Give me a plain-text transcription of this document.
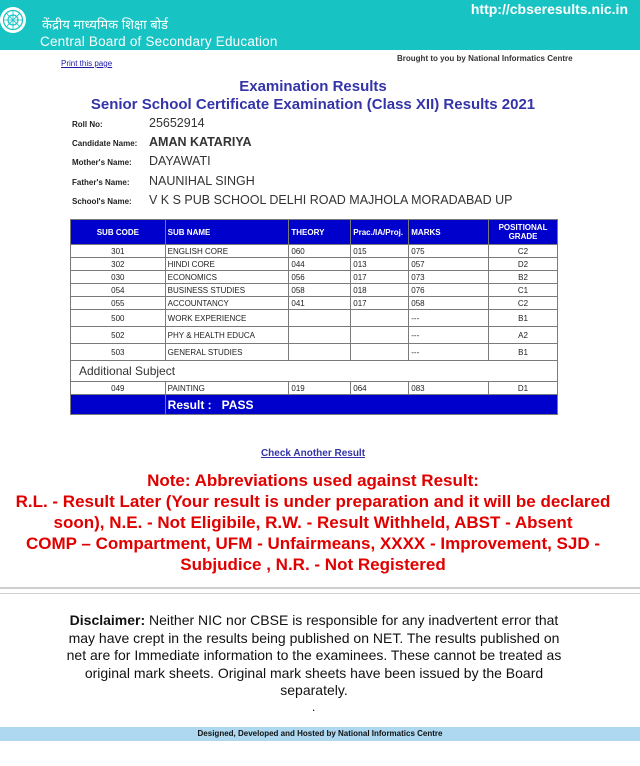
केंद्रीय माध्यमिक शिक्षा बोर्ड
Central Board of Secondary Education
http://cbseresults.nic.in
Print this page
Brought to you by National Informatics Centre
Examination Results
Senior School Certificate Examination (Class XII) Results 2021
Roll No:	25652914
Candidate Name: AMAN KATARIYA
Mother's Name:	DAYAWATI
Father's Name:	NAUNIHAL SINGH
School's Name:	V K S PUB SCHOOL DELHI ROAD MAJHOLA MORADABAD UP
SUB CODE	SUB NAME	THEORY	Prac./IA/Proj.	MARKS	POSITIONAL GRADE
301	ENGLISH CORE	060	015	075	C2
302	HINDI CORE	044	013	057	D2
030	ECONOMICS	056	017	073	B2
054	BUSINESS STUDIES	058	018	076	C1
055	ACCOUNTANCY	041	017	058	C2
500	WORK EXPERIENCE			---	B1
502	PHY & HEALTH EDUCA			---	A2
503	GENERAL STUDIES			---	B1
Additional Subject					
049	PAINTING	019	064	083	D1
	Result :   PASS				
Check Another Result
Note: Abbreviations used against Result:
R.L. - Result Later (Your result is under preparation and it will be declared soon), N.E. - Not Eligibile, R.W. - Result Withheld, ABST - Absent
COMP – Compartment, UFM - Unfairmeans, XXXX - Improvement, SJD - Subjudice , N.R. - Not Registered
Disclaimer: Neither NIC nor CBSE is responsible for any inadvertent error that may have crept in the results being published on NET. The results published on net are for Immediate information to the examinees. These cannot be treated as original mark sheets. Original mark sheets have been issued by the Board separately.
.
Designed, Developed and Hosted by National Informatics Centre
